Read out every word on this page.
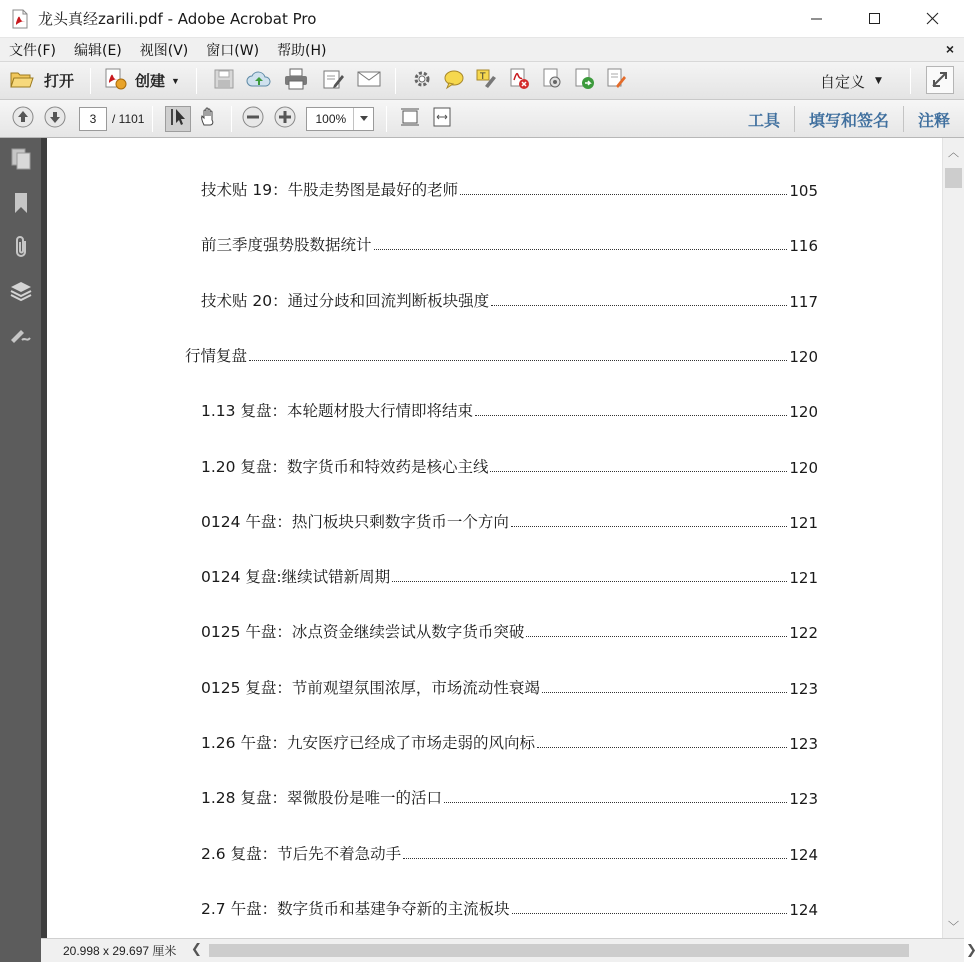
龙头真经zarili.pdf - Adobe Acrobat Pro
文件(F)	编辑(E)	视图(V)	窗口(W)	帮助(H)	×
打开	创建 ▼	T	自定义 ▼
3	/ 1101	100%	工具	填写和签名	注释
技术贴 19：牛股走势图是最好的老师	105
前三季度强势股数据统计	116
技术贴 20：通过分歧和回流判断板块强度	117
行情复盘	120
1.13 复盘：本轮题材股大行情即将结束	120
1.20 复盘：数字货币和特效药是核心主线	120
0124 午盘：热门板块只剩数字货币一个方向	121
0124 复盘:继续试错新周期	121
0125 午盘：冰点资金继续尝试从数字货币突破	122
0125 复盘：节前观望氛围浓厚，市场流动性衰竭	123
1.26 午盘：九安医疗已经成了市场走弱的风向标	123
1.28 复盘：翠微股份是唯一的活口	123
2.6 复盘：节后先不着急动手	124
2.7 午盘：数字货币和基建争夺新的主流板块	124
︿
﹀
20.998 x 29.697 厘米	❮	❯
